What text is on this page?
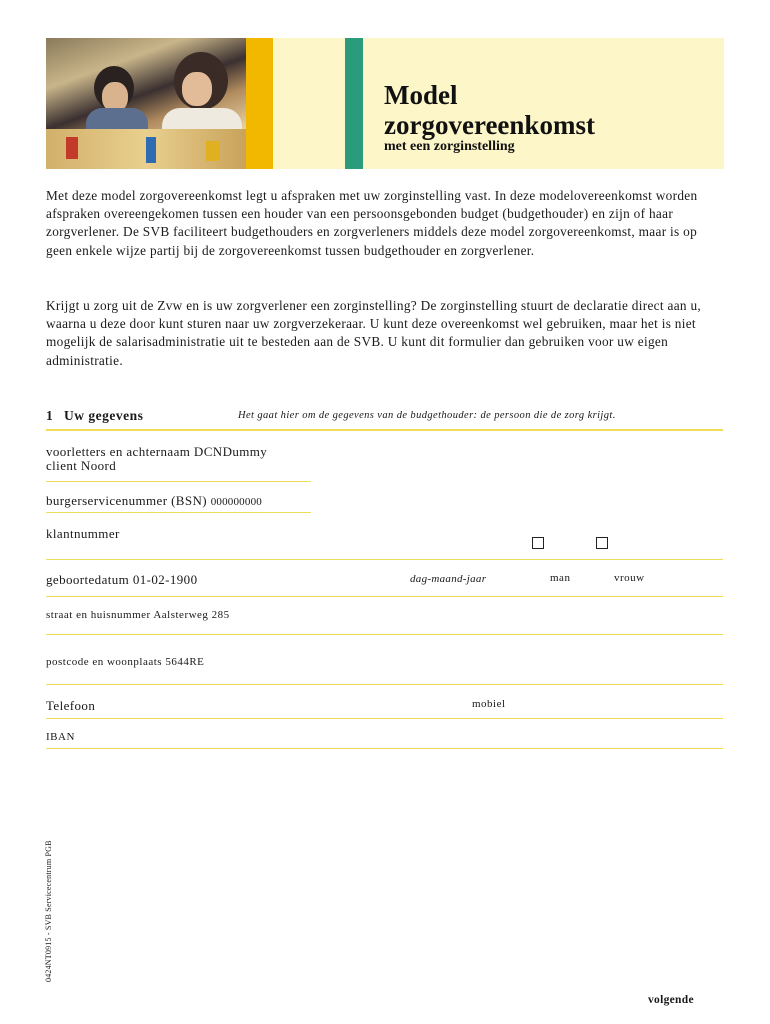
Model
zorgovereenkomst
met een zorginstelling

Met deze model zorgovereenkomst legt u afspraken met uw zorginstelling vast. In deze modelovereenkomst worden afspraken overeengekomen tussen een houder van een persoonsgebonden budget (budgethouder) en zijn of haar zorgverlener. De SVB faciliteert budgethouders en zorgverleners middels deze model zorgovereenkomst, maar is op geen enkele wijze partij bij de zorgovereenkomst tussen budgethouder en zorgverlener.

Krijgt u zorg uit de Zvw en is uw zorgverlener een zorginstelling? De zorginstelling stuurt de declaratie direct aan u, waarna u deze door kunt sturen naar uw zorgverzekeraar. U kunt deze overeenkomst wel gebruiken, maar het is niet mogelijk de salarisadministratie uit te besteden aan de SVB. U kunt dit formulier dan gebruiken voor uw eigen administratie.

1 Uw gegevens	Het gaat hier om de gegevens van de budgethouder: de persoon die de zorg krijgt.
voorletters en achternaam DCNDummy
client Noord
burgerservicenummer (BSN) 000000000
klantnummer
geboortedatum 01-02-1900	dag-maand-jaar	man	vrouw
straat en huisnummer Aalsterweg 285
postcode en woonplaats 5644RE
Telefoon	mobiel
IBAN
0424NT0915 - SVB Servicecentrum PGB
volgende
